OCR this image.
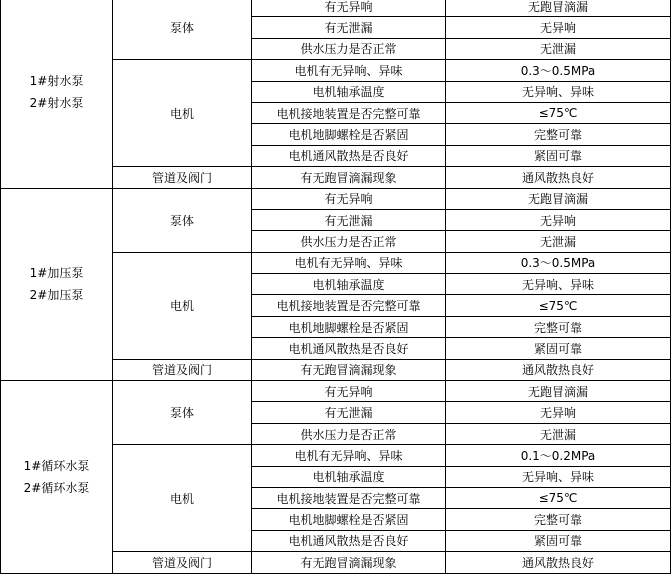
1#射水泵
2#射水泵	泵体	有无异响	无跑冒滴漏
		有无泄漏	无异响
		供水压力是否正常	无泄漏
	电机	电机有无异响、异味	0.3～0.5MPa
		电机轴承温度	无异响、异味
		电机接地装置是否完整可靠	≤75℃
		电机地脚螺栓是否紧固	完整可靠
		电机通风散热是否良好	紧固可靠
	管道及阀门	有无跑冒滴漏现象	通风散热良好

1#加压泵
2#加压泵	泵体	有无异响	无跑冒滴漏
		有无泄漏	无异响
		供水压力是否正常	无泄漏
	电机	电机有无异响、异味	0.3～0.5MPa
		电机轴承温度	无异响、异味
		电机接地装置是否完整可靠	≤75℃
		电机地脚螺栓是否紧固	完整可靠
		电机通风散热是否良好	紧固可靠
	管道及阀门	有无跑冒滴漏现象	通风散热良好

1#循环水泵
2#循环水泵	泵体	有无异响	无跑冒滴漏
		有无泄漏	无异响
		供水压力是否正常	无泄漏
	电机	电机有无异响、异味	0.1～0.2MPa
		电机轴承温度	无异响、异味
		电机接地装置是否完整可靠	≤75℃
		电机地脚螺栓是否紧固	完整可靠
		电机通风散热是否良好	紧固可靠
	管道及阀门	有无跑冒滴漏现象	通风散热良好
